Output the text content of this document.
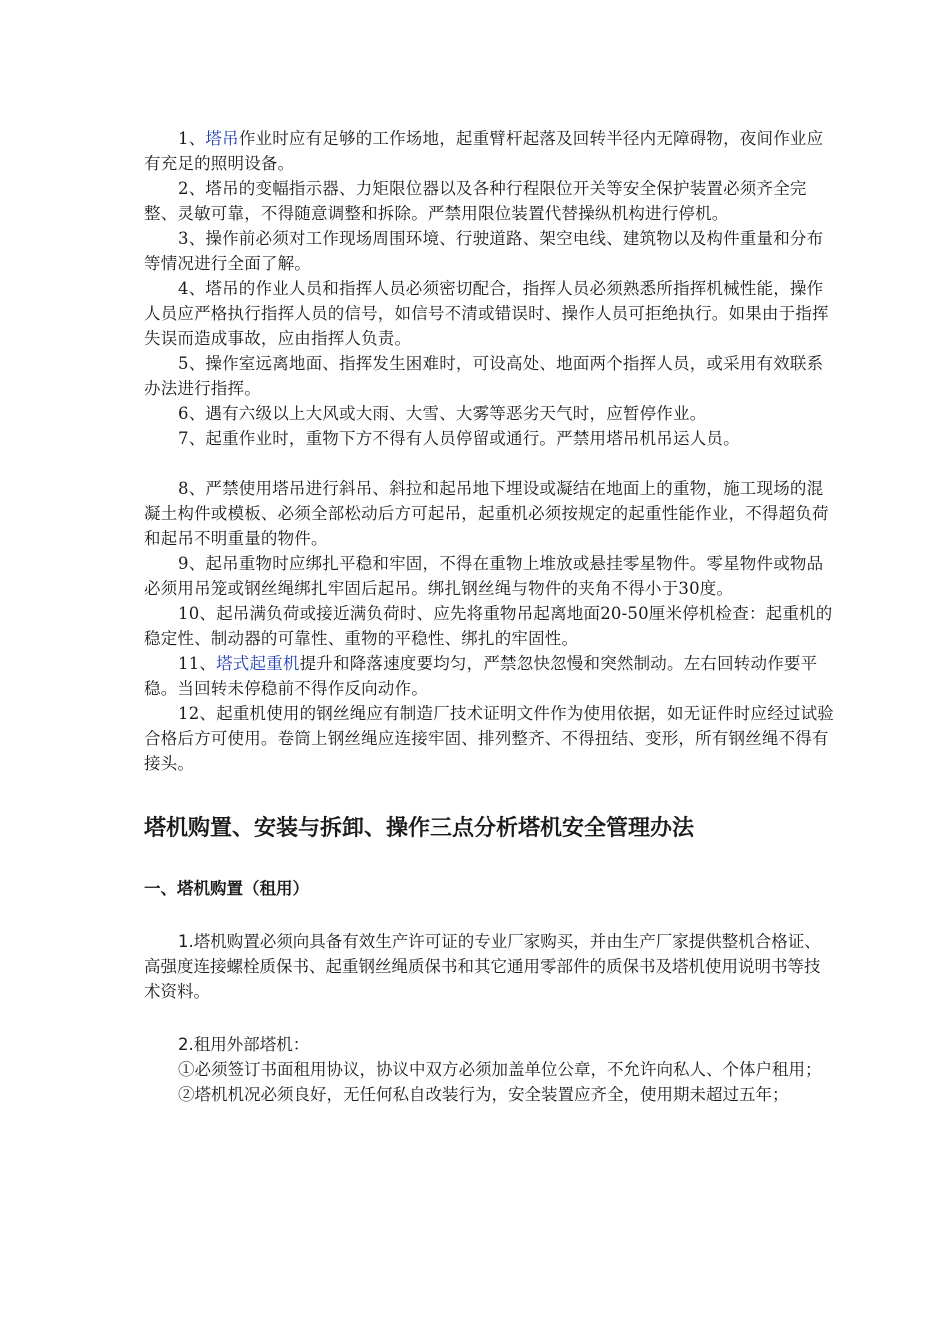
1、塔吊作业时应有足够的工作场地，起重臂杆起落及回转半径内无障碍物，夜间作业应有充足的照明设备。

2、塔吊的变幅指示器、力矩限位器以及各种行程限位开关等安全保护装置必须齐全完整、灵敏可靠，不得随意调整和拆除。严禁用限位装置代替操纵机构进行停机。

3、操作前必须对工作现场周围环境、行驶道路、架空电线、建筑物以及构件重量和分布等情况进行全面了解。

4、塔吊的作业人员和指挥人员必须密切配合，指挥人员必须熟悉所指挥机械性能，操作人员应严格执行指挥人员的信号，如信号不清或错误时、操作人员可拒绝执行。如果由于指挥失误而造成事故，应由指挥人负责。

5、操作室远离地面、指挥发生困难时，可设高处、地面两个指挥人员，或采用有效联系办法进行指挥。

6、遇有六级以上大风或大雨、大雪、大雾等恶劣天气时，应暂停作业。

7、起重作业时，重物下方不得有人员停留或通行。严禁用塔吊机吊运人员。

8、严禁使用塔吊进行斜吊、斜拉和起吊地下埋设或凝结在地面上的重物，施工现场的混凝土构件或模板、必须全部松动后方可起吊，起重机必须按规定的起重性能作业，不得超负荷和起吊不明重量的物件。

9、起吊重物时应绑扎平稳和牢固，不得在重物上堆放或悬挂零星物件。零星物件或物品必须用吊笼或钢丝绳绑扎牢固后起吊。绑扎钢丝绳与物件的夹角不得小于30度。

10、起吊满负荷或接近满负荷时、应先将重物吊起离地面20-50厘米停机检查：起重机的稳定性、制动器的可靠性、重物的平稳性、绑扎的牢固性。

11、塔式起重机提升和降落速度要均匀，严禁忽快忽慢和突然制动。左右回转动作要平稳。当回转未停稳前不得作反向动作。

12、起重机使用的钢丝绳应有制造厂技术证明文件作为使用依据，如无证件时应经过试验合格后方可使用。卷筒上钢丝绳应连接牢固、排列整齐、不得扭结、变形，所有钢丝绳不得有接头。

塔机购置、安装与拆卸、操作三点分析塔机安全管理办法
一、塔机购置（租用）

1.塔机购置必须向具备有效生产许可证的专业厂家购买，并由生产厂家提供整机合格证、高强度连接螺栓质保书、起重钢丝绳质保书和其它通用零部件的质保书及塔机使用说明书等技术资料。

2.租用外部塔机：

①必须签订书面租用协议，协议中双方必须加盖单位公章，不允许向私人、个体户租用；

②塔机机况必须良好，无任何私自改装行为，安全装置应齐全，使用期未超过五年；
